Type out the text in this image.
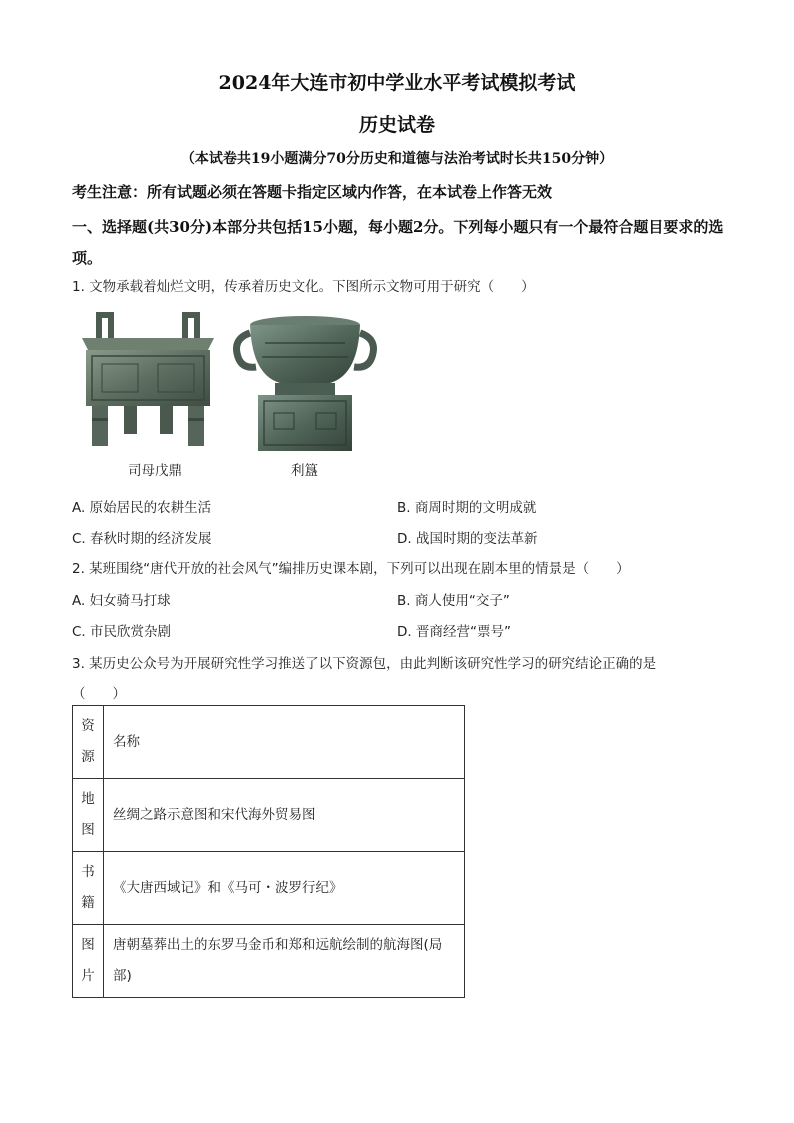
2024年大连市初中学业水平考试模拟考试
历史试卷
（本试卷共19小题满分70分历史和道德与法治考试时长共150分钟）
考生注意：所有试题必须在答题卡指定区域内作答，在本试卷上作答无效
一、选择题(共30分)本部分共包括15小题，每小题2分。下列每小题只有一个最符合题目要求的选项。
1. 文物承载着灿烂文明，传承着历史文化。下图所示文物可用于研究（　　）
司母戊鼎	利簋
A. 原始居民的农耕生活	B. 商周时期的文明成就
C. 春秋时期的经济发展	D. 战国时期的变法革新
2. 某班围绕“唐代开放的社会风气”编排历史课本剧，下列可以出现在剧本里的情景是（　　）
A. 妇女骑马打球	B. 商人使用“交子”
C. 市民欣赏杂剧	D. 晋商经营“票号”
3. 某历史公众号为开展研究性学习推送了以下资源包，由此判断该研究性学习的研究结论正确的是
（　　）
资
源	名称

地
图	丝绸之路示意图和宋代海外贸易图

书
籍	《大唐西域记》和《马可・波罗行纪》

图
片	唐朝墓葬出土的东罗马金币和郑和远航绘制的航海图(局
部)
